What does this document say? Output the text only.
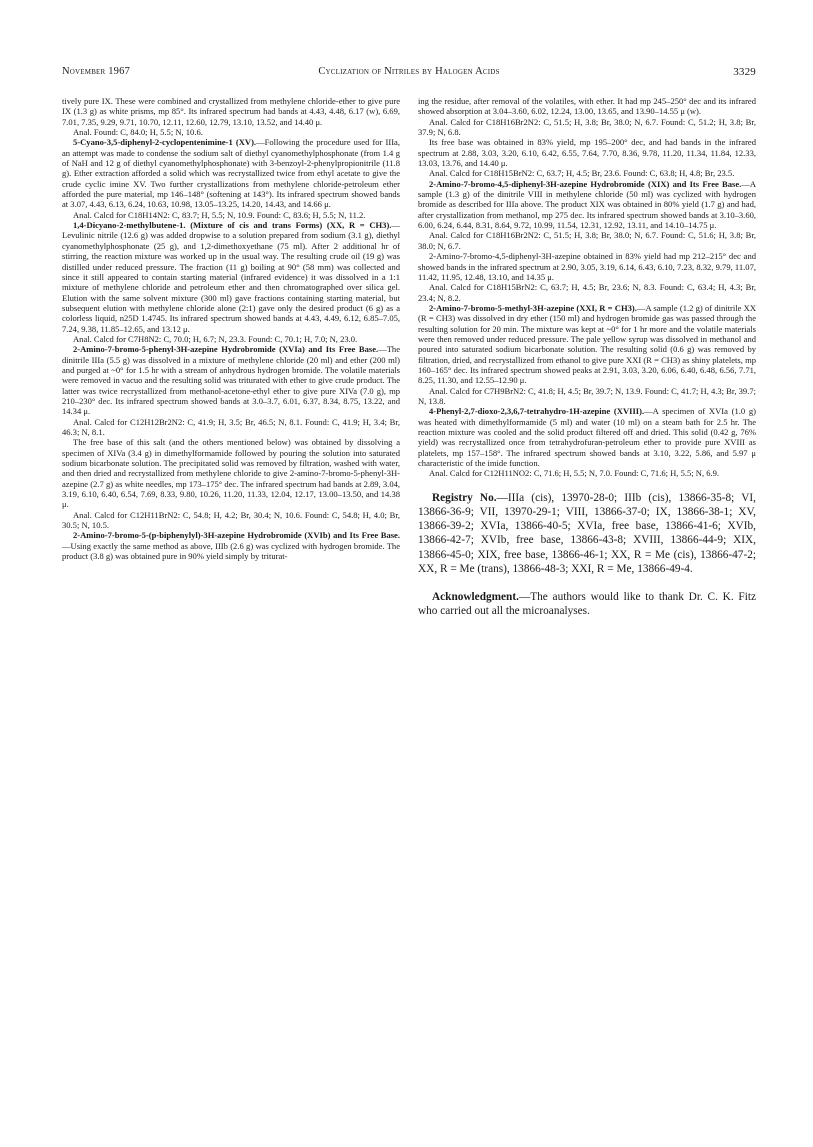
November 1967	Cyclization of Nitriles by Halogen Acids	3329

tively pure IX. These were combined and crystallized from methylene chloride-ether to give pure IX (1.3 g) as white prisms, mp 85°. Its infrared spectrum had bands at 4.43, 4.48, 6.17 (w), 6.69, 7.01, 7.35, 9.29, 9.71, 10.70, 12.11, 12.60, 12.79, 13.10, 13.52, and 14.40 μ.

Anal. Found: C, 84.0; H, 5.5; N, 10.6.

5-Cyano-3,5-diphenyl-2-cyclopentenimine-1 (XV).—Following the procedure used for IIIa, an attempt was made to condense the sodium salt of diethyl cyanomethylphosphonate (from 1.4 g of NaH and 12 g of diethyl cyanomethylphosphonate) with 3-benzoyl-2-phenylpropionitrile (11.8 g). Ether extraction afforded a solid which was recrystallized twice from ethyl acetate to give the crude cyclic imine XV. Two further crystallizations from methylene chloride-petroleum ether afforded the pure material, mp 146–148° (softening at 143°). Its infrared spectrum showed bands at 3.07, 4.43, 6.13, 6.24, 10.63, 10.98, 13.05–13.25, 14.20, 14.43, and 14.66 μ.

Anal. Calcd for C18H14N2: C, 83.7; H, 5.5; N, 10.9. Found: C, 83.6; H, 5.5; N, 11.2.

1,4-Dicyano-2-methylbutene-1. (Mixture of cis and trans Forms) (XX, R = CH3).—Levulinic nitrile (12.6 g) was added dropwise to a solution prepared from sodium (3.1 g), diethyl cyanomethylphosphonate (25 g), and 1,2-dimethoxyethane (75 ml). After 2 additional hr of stirring, the reaction mixture was worked up in the usual way. The resulting crude oil (19 g) was distilled under reduced pressure. The fraction (11 g) boiling at 90° (58 mm) was collected and since it still appeared to contain starting material (infrared evidence) it was dissolved in a 1:1 mixture of methylene chloride and petroleum ether and then chromatographed over silica gel. Elution with the same solvent mixture (300 ml) gave fractions containing starting material, but subsequent elution with methylene chloride alone (2:1) gave only the desired product (6 g) as a colorless liquid, n25D 1.4745. Its infrared spectrum showed bands at 4.43, 4.49, 6.12, 6.85–7.05, 7.24, 9.38, 11.85–12.65, and 13.12 μ.

Anal. Calcd for C7H8N2: C, 70.0; H, 6.7; N, 23.3. Found: C, 70.1; H, 7.0; N, 23.0.

2-Amino-7-bromo-5-phenyl-3H-azepine Hydrobromide (XVIa) and Its Free Base.—The dinitrile IIIa (5.5 g) was dissolved in a mixture of methylene chloride (20 ml) and ether (200 ml) and purged at ~0° for 1.5 hr with a stream of anhydrous hydrogen bromide. The volatile materials were removed in vacuo and the resulting solid was triturated with ether to give crude product. The latter was twice recrystallized from methanol-acetone-ethyl ether to give pure XIVa (7.0 g), mp 210–230° dec. Its infrared spectrum showed bands at 3.0–3.7, 6.01, 6.37, 8.34, 8.75, 13.22, and 14.34 μ.

Anal. Calcd for C12H12Br2N2: C, 41.9; H, 3.5; Br, 46.5; N, 8.1. Found: C, 41.9; H, 3.4; Br, 46.3; N, 8.1.

The free base of this salt (and the others mentioned below) was obtained by dissolving a specimen of XIVa (3.4 g) in dimethylformamide followed by pouring the solution into saturated sodium bicarbonate solution. The precipitated solid was removed by filtration, washed with water, and then dried and recrystallized from methylene chloride to give 2-amino-7-bromo-5-phenyl-3H-azepine (2.7 g) as white needles, mp 173–175° dec. The infrared spectrum had bands at 2.89, 3.04, 3.19, 6.10, 6.40, 6.54, 7.69, 8.33, 9.80, 10.26, 11.20, 11.33, 12.04, 12.17, 13.00–13.50, and 14.38 μ.

Anal. Calcd for C12H11BrN2: C, 54.8; H, 4.2; Br, 30.4; N, 10.6. Found: C, 54.8; H, 4.0; Br, 30.5; N, 10.5.

2-Amino-7-bromo-5-(p-biphenylyl)-3H-azepine Hydrobromide (XVIb) and Its Free Base.—Using exactly the same method as above, IIIb (2.6 g) was cyclized with hydrogen bromide. The product (3.8 g) was obtained pure in 90% yield simply by triturat-

ing the residue, after removal of the volatiles, with ether. It had mp 245–250° dec and its infrared showed absorption at 3.04–3.60, 6.02, 12.24, 13.00, 13.65, and 13.90–14.55 μ (w).

Anal. Calcd for C18H16Br2N2: C, 51.5; H, 3.8; Br, 38.0; N, 6.7. Found: C, 51.2; H, 3.8; Br, 37.9; N, 6.8.

Its free base was obtained in 83% yield, mp 195–200° dec, and had bands in the infrared spectrum at 2.88, 3.03, 3.20, 6.10, 6.42, 6.55, 7.64, 7.70, 8.36, 9.78, 11.20, 11.34, 11.84, 12.33, 13.03, 13.76, and 14.40 μ.

Anal. Calcd for C18H15BrN2: C, 63.7; H, 4.5; Br, 23.6. Found: C, 63.8; H, 4.8; Br, 23.5.

2-Amino-7-bromo-4,5-diphenyl-3H-azepine Hydrobromide (XIX) and Its Free Base.—A sample (1.3 g) of the dinitrile VIII in methylene chloride (50 ml) was cyclized with hydrogen bromide as described for IIIa above. The product XIX was obtained in 80% yield (1.7 g) and had, after crystallization from methanol, mp 275 dec. Its infrared spectrum showed bands at 3.10–3.60, 6.00, 6.24, 6.44, 8.31, 8.64, 9.72, 10.99, 11.54, 12.31, 12.92, 13.11, and 14.10–14.75 μ.

Anal. Calcd for C18H16Br2N2: C, 51.5; H, 3.8; Br, 38.0; N, 6.7. Found: C, 51.6; H, 3.8; Br, 38.0; N, 6.7.

2-Amino-7-bromo-4,5-diphenyl-3H-azepine obtained in 83% yield had mp 212–215° dec and showed bands in the infrared spectrum at 2.90, 3.05, 3.19, 6.14, 6.43, 6.10, 7.23, 8.32, 9.79, 11.07, 11.42, 11.95, 12.48, 13.10, and 14.35 μ.

Anal. Calcd for C18H15BrN2: C, 63.7; H, 4.5; Br, 23.6; N, 8.3. Found: C, 63.4; H, 4.3; Br, 23.4; N, 8.2.

2-Amino-7-bromo-5-methyl-3H-azepine (XXI, R = CH3).—A sample (1.2 g) of dinitrile XX (R = CH3) was dissolved in dry ether (150 ml) and hydrogen bromide gas was passed through the resulting solution for 20 min. The mixture was kept at ~0° for 1 hr more and the volatile materials were then removed under reduced pressure. The pale yellow syrup was dissolved in methanol and poured into saturated sodium bicarbonate solution. The resulting solid (0.6 g) was removed by filtration, dried, and recrystallized from ethanol to give pure XXI (R = CH3) as shiny platelets, mp 160–165° dec. Its infrared spectrum showed peaks at 2.91, 3.03, 3.20, 6.06, 6.40, 6.48, 6.56, 7.71, 8.25, 11.30, and 12.55–12.90 μ.

Anal. Calcd for C7H9BrN2: C, 41.8; H, 4.5; Br, 39.7; N, 13.9. Found: C, 41.7; H, 4.3; Br, 39.7; N, 13.8.

4-Phenyl-2,7-dioxo-2,3,6,7-tetrahydro-1H-azepine (XVIII).—A specimen of XVIa (1.0 g) was heated with dimethylformamide (5 ml) and water (10 ml) on a steam bath for 2.5 hr. The reaction mixture was cooled and the solid product filtered off and dried. This solid (0.42 g, 76% yield) was recrystallized once from tetrahydrofuran-petroleum ether to provide pure XVIII as platelets, mp 157–158°. The infrared spectrum showed bands at 3.10, 3.22, 5.86, and 5.97 μ characteristic of the imide function.

Anal. Calcd for C12H11NO2: C, 71.6; H, 5.5; N, 7.0. Found: C, 71.6; H, 5.5; N, 6.9.

Registry No.—IIIa (cis), 13970-28-0; IIIb (cis), 13866-35-8; VI, 13866-36-9; VII, 13970-29-1; VIII, 13866-37-0; IX, 13866-38-1; XV, 13866-39-2; XVIa, 13866-40-5; XVIa, free base, 13866-41-6; XVIb, 13866-42-7; XVIb, free base, 13866-43-8; XVIII, 13866-44-9; XIX, 13866-45-0; XIX, free base, 13866-46-1; XX, R = Me (cis), 13866-47-2; XX, R = Me (trans), 13866-48-3; XXI, R = Me, 13866-49-4.

Acknowledgment.—The authors would like to thank Dr. C. K. Fitz who carried out all the microanalyses.
